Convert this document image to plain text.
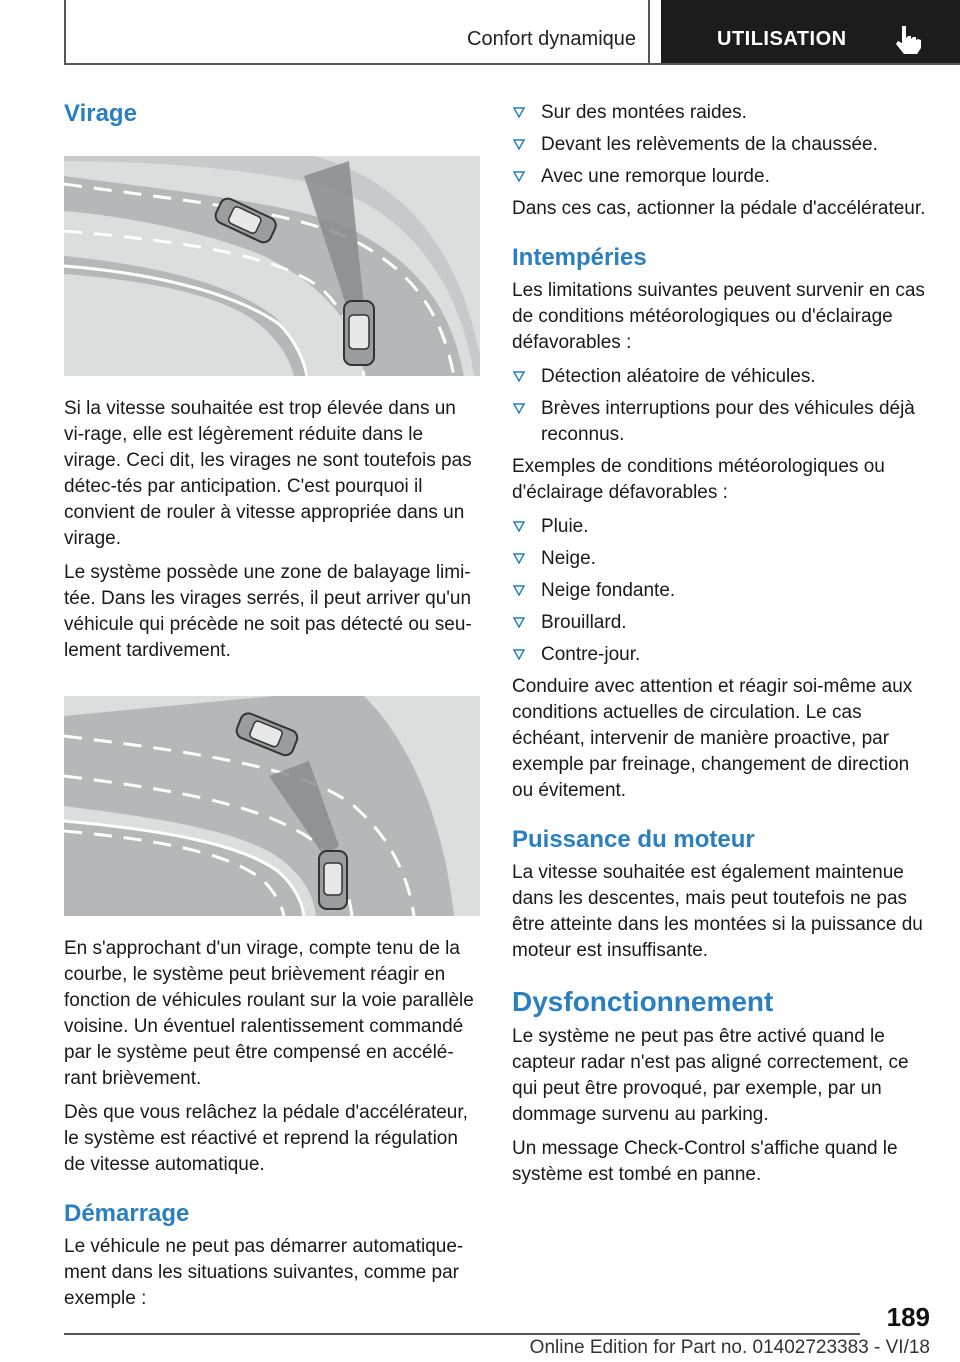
Confort dynamique	UTILISATION
Virage

Si la vitesse souhaitée est trop élevée dans un vi-rage, elle est légèrement réduite dans le virage. Ceci dit, les virages ne sont toutefois pas détec-tés par anticipation. C'est pourquoi il convient de rouler à vitesse appropriée dans un virage.

Le système possède une zone de balayage limi-tée. Dans les virages serrés, il peut arriver qu'un véhicule qui précède ne soit pas détecté ou seu-lement tardivement.

En s'approchant d'un virage, compte tenu de la courbe, le système peut brièvement réagir en fonction de véhicules roulant sur la voie parallèle voisine. Un éventuel ralentissement commandé par le système peut être compensé en accélé-rant brièvement.

Dès que vous relâchez la pédale d'accélérateur, le système est réactivé et reprend la régulation de vitesse automatique.

Démarrage

Le véhicule ne peut pas démarrer automatique-ment dans les situations suivantes, comme par exemple :

Sur des montées raides.
Devant les relèvements de la chaussée.
Avec une remorque lourde.

Dans ces cas, actionner la pédale d'accélérateur.

Intempéries

Les limitations suivantes peuvent survenir en cas de conditions météorologiques ou d'éclairage défavorables :

Détection aléatoire de véhicules.
Brèves interruptions pour des véhicules déjà reconnus.

Exemples de conditions météorologiques ou d'éclairage défavorables :

Pluie.
Neige.
Neige fondante.
Brouillard.
Contre-jour.

Conduire avec attention et réagir soi-même aux conditions actuelles de circulation. Le cas échéant, intervenir de manière proactive, par exemple par freinage, changement de direction ou évitement.

Puissance du moteur

La vitesse souhaitée est également maintenue dans les descentes, mais peut toutefois ne pas être atteinte dans les montées si la puissance du moteur est insuffisante.

Dysfonctionnement

Le système ne peut pas être activé quand le capteur radar n'est pas aligné correctement, ce qui peut être provoqué, par exemple, par un dommage survenu au parking.

Un message Check-Control s'affiche quand le système est tombé en panne.

189
Online Edition for Part no. 01402723383 - VI/18
